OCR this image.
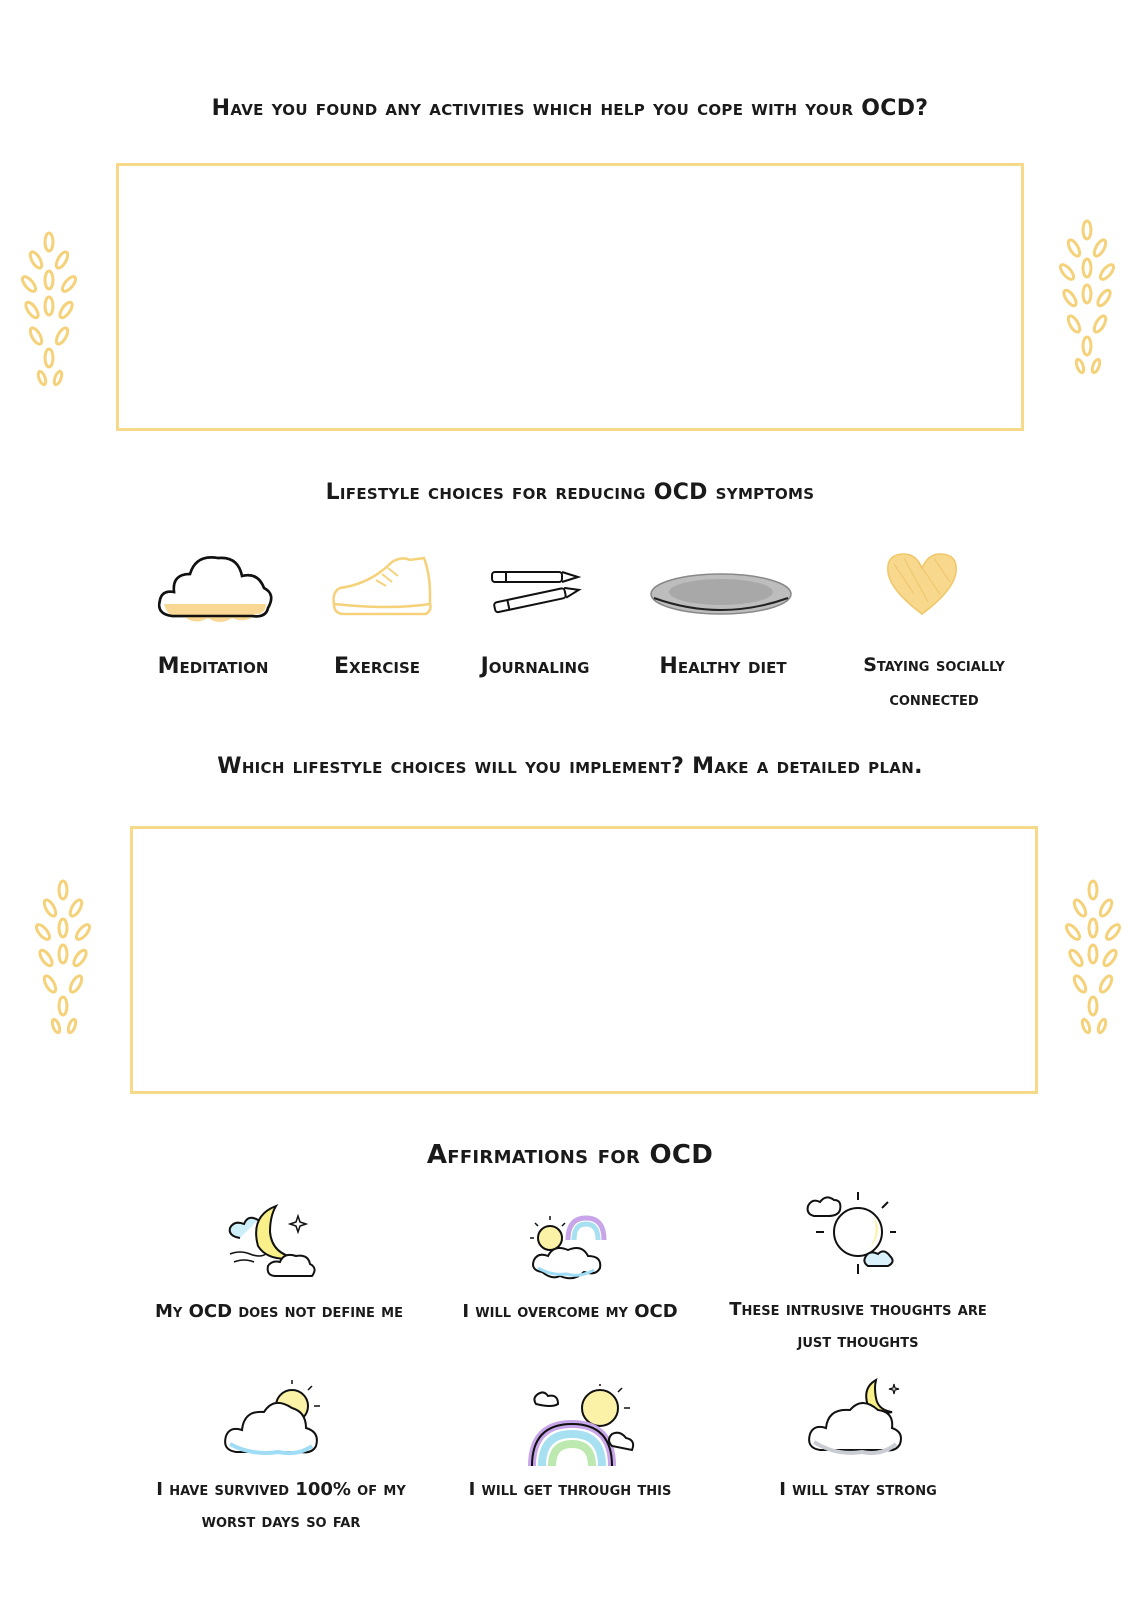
Have you found any activities which help you cope with your OCD?
Lifestyle choices for reducing OCD symptoms
Meditation	Exercise	Journaling	Healthy diet	Staying socially connected
Which lifestyle choices will you implement? Make a detailed plan.
Affirmations for OCD
My OCD does not define me	I will overcome my OCD	These intrusive thoughts are just thoughts
I have survived 100% of my worst days so far
I will get through this	I will stay strong
